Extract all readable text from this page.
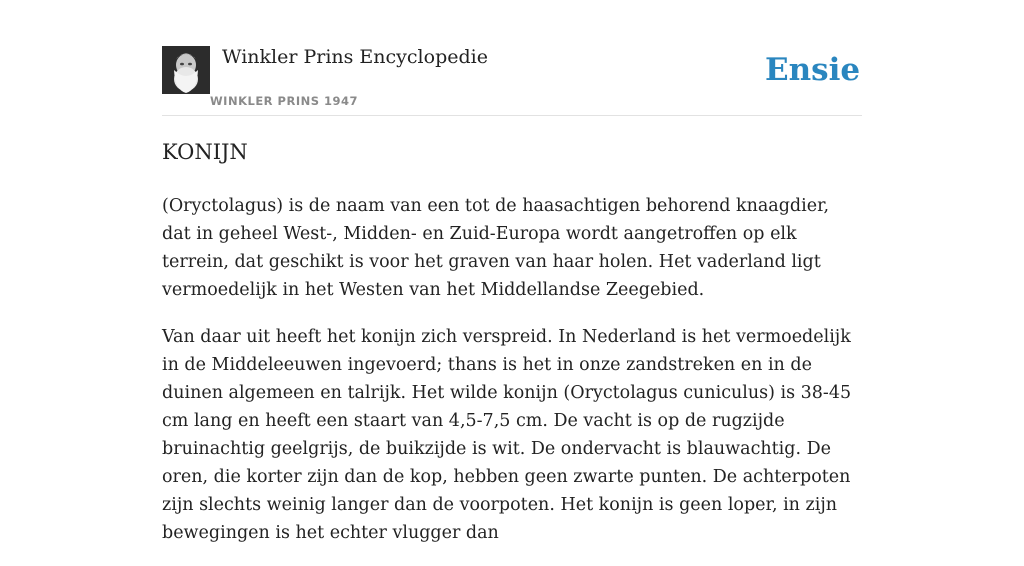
Winkler Prins Encyclopedie
WINKLER PRINS 1947
Ensie
KONIJN

(Oryctolagus) is de naam van een tot de haasachtigen behorend knaagdier, dat in geheel West-, Midden- en Zuid-Europa wordt aangetroffen op elk terrein, dat geschikt is voor het graven van haar holen. Het vaderland ligt vermoedelijk in het Westen van het Middellandse Zeegebied.

Van daar uit heeft het konijn zich verspreid. In Nederland is het vermoedelijk in de Middeleeuwen ingevoerd; thans is het in onze zandstreken en in de duinen algemeen en talrijk. Het wilde konijn (Oryctolagus cuniculus) is 38-45 cm lang en heeft een staart van 4,5-7,5 cm. De vacht is op de rugzijde bruinachtig geelgrijs, de buikzijde is wit. De ondervacht is blauwachtig. De oren, die korter zijn dan de kop, hebben geen zwarte punten. De achterpoten zijn slechts weinig langer dan de voorpoten. Het konijn is geen loper, in zijn bewegingen is het echter vlugger dan
